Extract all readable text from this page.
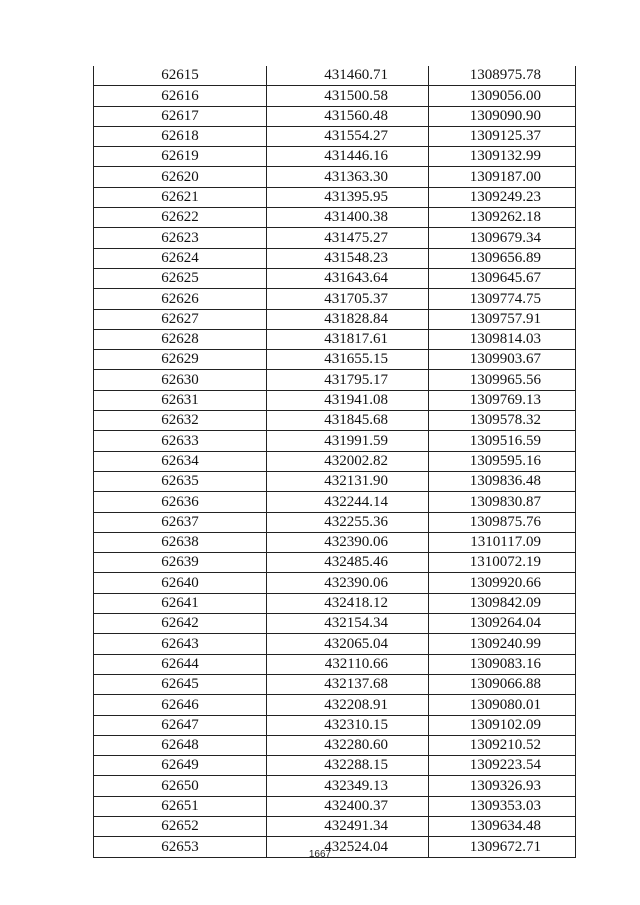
62615	431460.71	1308975.78
62616	431500.58	1309056.00
62617	431560.48	1309090.90
62618	431554.27	1309125.37
62619	431446.16	1309132.99
62620	431363.30	1309187.00
62621	431395.95	1309249.23
62622	431400.38	1309262.18
62623	431475.27	1309679.34
62624	431548.23	1309656.89
62625	431643.64	1309645.67
62626	431705.37	1309774.75
62627	431828.84	1309757.91
62628	431817.61	1309814.03
62629	431655.15	1309903.67
62630	431795.17	1309965.56
62631	431941.08	1309769.13
62632	431845.68	1309578.32
62633	431991.59	1309516.59
62634	432002.82	1309595.16
62635	432131.90	1309836.48
62636	432244.14	1309830.87
62637	432255.36	1309875.76
62638	432390.06	1310117.09
62639	432485.46	1310072.19
62640	432390.06	1309920.66
62641	432418.12	1309842.09
62642	432154.34	1309264.04
62643	432065.04	1309240.99
62644	432110.66	1309083.16
62645	432137.68	1309066.88
62646	432208.91	1309080.01
62647	432310.15	1309102.09
62648	432280.60	1309210.52
62649	432288.15	1309223.54
62650	432349.13	1309326.93
62651	432400.37	1309353.03
62652	432491.34	1309634.48
62653	432524.04	1309672.71
1667
